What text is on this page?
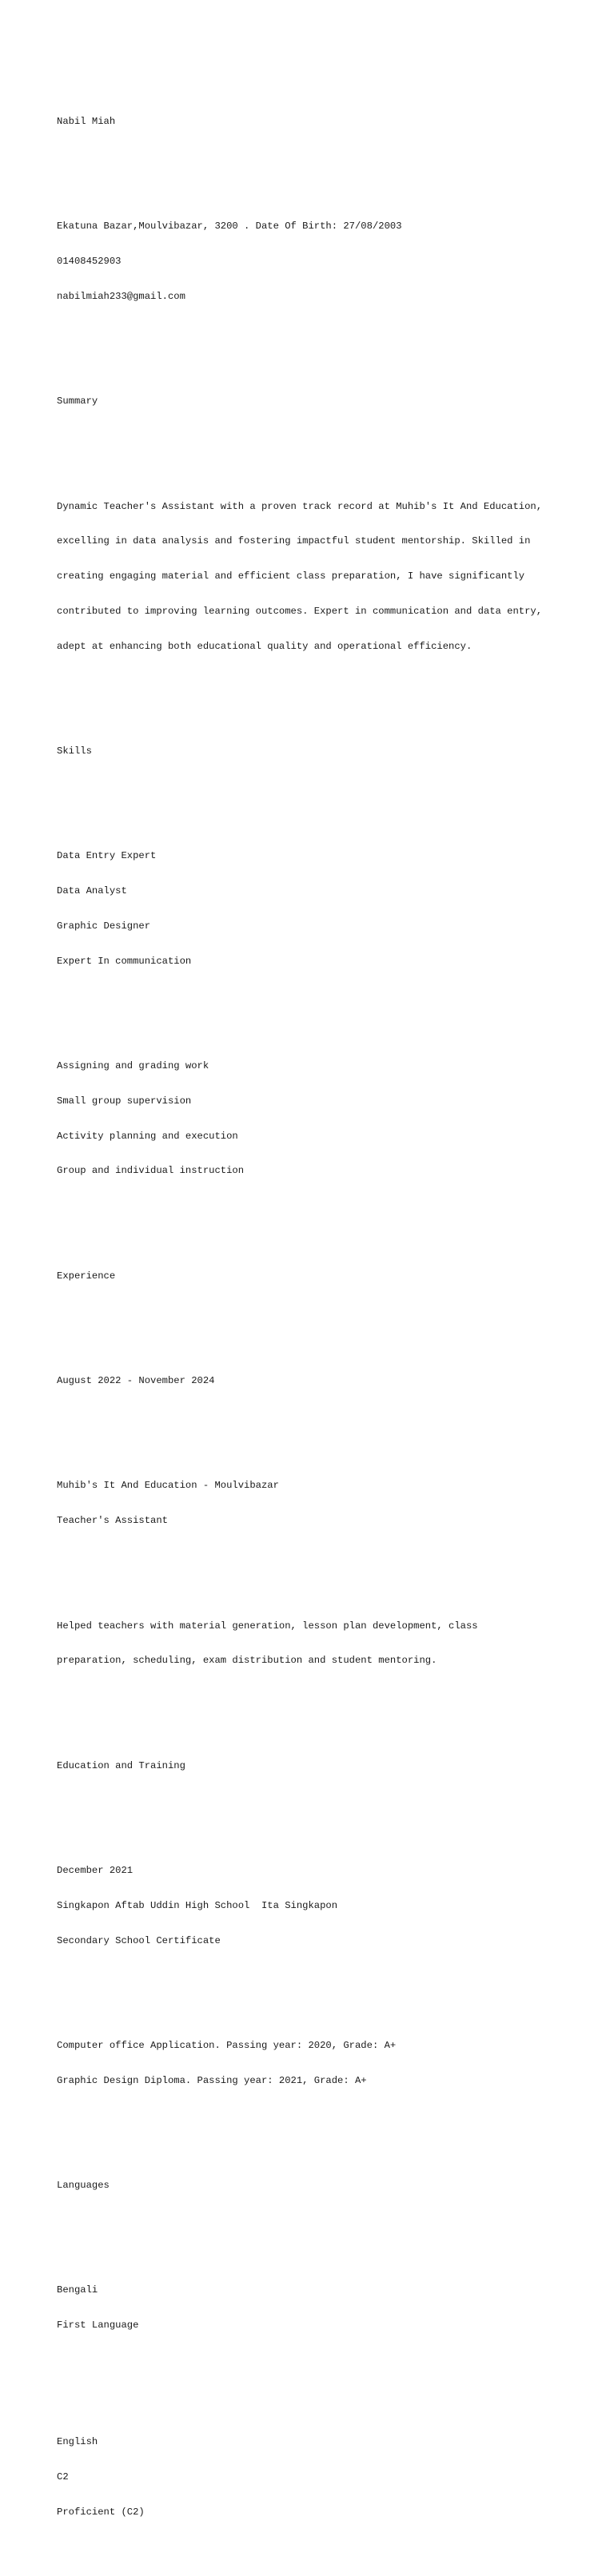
Nabil Miah

Ekatuna Bazar,Moulvibazar, 3200 . Date Of Birth: 27/08/2003

01408452903

nabilmiah233@gmail.com

Summary

Dynamic Teacher's Assistant with a proven track record at Muhib's It And Education,

excelling in data analysis and fostering impactful student mentorship. Skilled in

creating engaging material and efficient class preparation, I have significantly

contributed to improving learning outcomes. Expert in communication and data entry,

adept at enhancing both educational quality and operational efficiency.

Skills

Data Entry Expert

Data Analyst

Graphic Designer

Expert In communication

Assigning and grading work

Small group supervision

Activity planning and execution

Group and individual instruction

Experience

August 2022 - November 2024

Muhib's It And Education - Moulvibazar

Teacher's Assistant

Helped teachers with material generation, lesson plan development, class

preparation, scheduling, exam distribution and student mentoring.

Education and Training

December 2021

Singkapon Aftab Uddin High School  Ita Singkapon

Secondary School Certificate

Computer office Application. Passing year: 2020, Grade: A+

Graphic Design Diploma. Passing year: 2021, Grade: A+

Languages

Bengali

First Language

English

C2

Proficient (C2)
